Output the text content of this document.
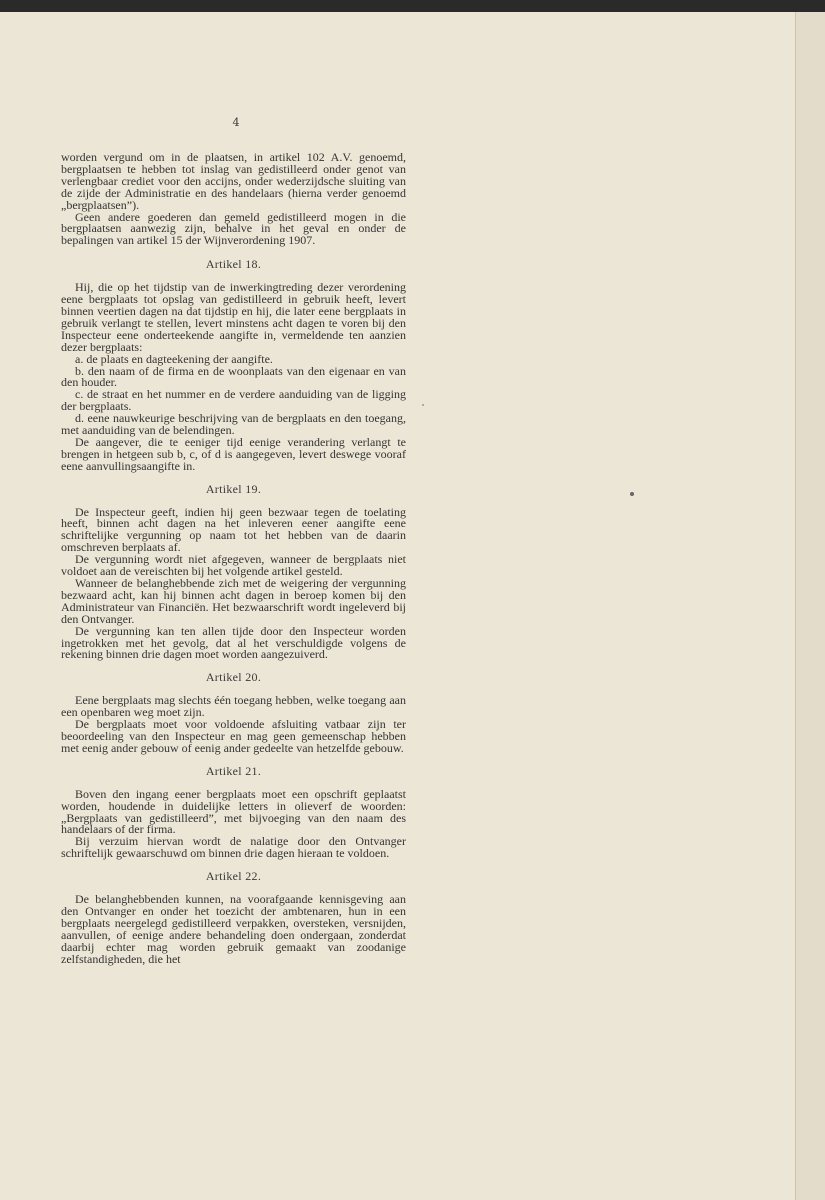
4

worden vergund om in de plaatsen, in artikel 102 A.V. genoemd, bergplaatsen te hebben tot inslag van gedistilleerd onder genot van verlengbaar crediet voor den accijns, onder wederzijdsche sluiting van de zijde der Administratie en des handelaars (hierna verder genoemd „bergplaatsen”).

Geen andere goederen dan gemeld gedistilleerd mogen in die bergplaatsen aanwezig zijn, behalve in het geval en onder de bepalingen van artikel 15 der Wijnverordening 1907.

Artikel 18.

Hij, die op het tijdstip van de inwerkingtreding dezer verordening eene bergplaats tot opslag van gedistilleerd in gebruik heeft, levert binnen veertien dagen na dat tijdstip en hij, die later eene bergplaats in gebruik verlangt te stellen, levert minstens acht dagen te voren bij den Inspecteur eene onderteekende aangifte in, vermeldende ten aanzien dezer bergplaats:

a. de plaats en dagteekening der aangifte.

b. den naam of de firma en de woonplaats van den eigenaar en van den houder.

c. de straat en het nummer en de verdere aanduiding van de ligging der bergplaats.

d. eene nauwkeurige beschrijving van de bergplaats en den toegang, met aanduiding van de belendingen.

De aangever, die te eeniger tijd eenige verandering verlangt te brengen in hetgeen sub b, c, of d is aangegeven, levert deswege vooraf eene aanvullingsaangifte in.

Artikel 19.

De Inspecteur geeft, indien hij geen bezwaar tegen de toelating heeft, binnen acht dagen na het inleveren eener aangifte eene schriftelijke vergunning op naam tot het hebben van de daarin omschreven berplaats af.

De vergunning wordt niet afgegeven, wanneer de bergplaats niet voldoet aan de vereischten bij het volgende artikel gesteld.

Wanneer de belanghebbende zich met de weigering der vergunning bezwaard acht, kan hij binnen acht dagen in beroep komen bij den Administrateur van Financiën. Het bezwaarschrift wordt ingeleverd bij den Ontvanger.

De vergunning kan ten allen tijde door den Inspecteur worden ingetrokken met het gevolg, dat al het verschuldigde volgens de rekening binnen drie dagen moet worden aangezuiverd.

Artikel 20.

Eene bergplaats mag slechts één toegang hebben, welke toegang aan een openbaren weg moet zijn.

De bergplaats moet voor voldoende afsluiting vatbaar zijn ter beoordeeling van den Inspecteur en mag geen gemeenschap hebben met eenig ander gebouw of eenig ander gedeelte van hetzelfde gebouw.

Artikel 21.

Boven den ingang eener bergplaats moet een opschrift geplaatst worden, houdende in duidelijke letters in olieverf de woorden: „Bergplaats van gedistilleerd”, met bijvoeging van den naam des handelaars of der firma.

Bij verzuim hiervan wordt de nalatige door den Ontvanger schriftelijk gewaarschuwd om binnen drie dagen hieraan te voldoen.

Artikel 22.

De belanghebbenden kunnen, na voorafgaande kennisgeving aan den Ontvanger en onder het toezicht der ambtenaren, hun in een bergplaats neergelegd gedistilleerd verpakken, oversteken, versnijden, aanvullen, of eenige andere behandeling doen ondergaan, zonderdat daarbij echter mag worden gebruik gemaakt van zoodanige zelfstandigheden, die het
